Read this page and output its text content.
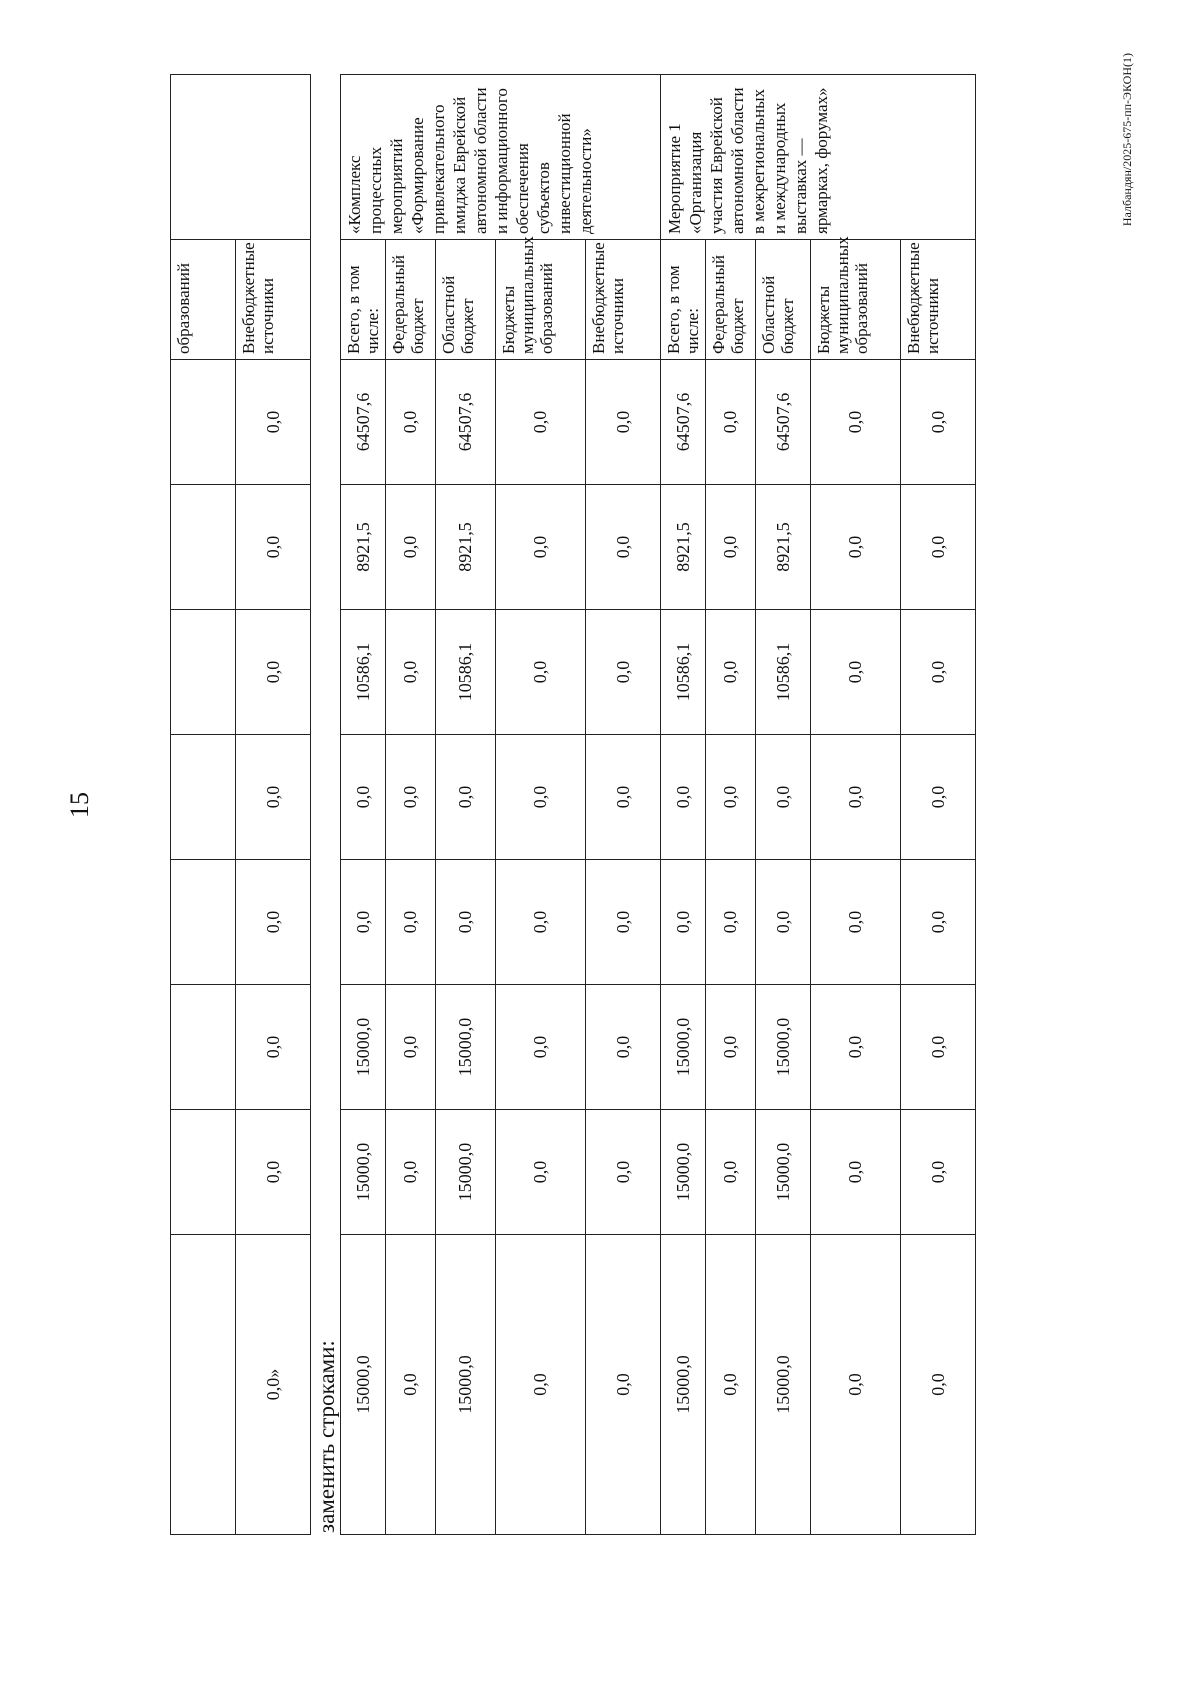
15
								образований	
0,0»	0,0	0,0	0,0	0,0	0,0	0,0	0,0	Внебюджетные источники	
заменить строками: 15000,0	15000,0	15000,0	0,0	0,0	10586,1	8921,5	64507,6	Всего, в том числе:	«Комплекс процессных мероприятий «Формирование привлекательного имиджа Еврейской автономной области и информационного обеспечения субъектов инвестиционной деятельности»
0,0	0,0	0,0	0,0	0,0	0,0	0,0	0,0	Федеральный бюджет	
15000,0	15000,0	15000,0	0,0	0,0	10586,1	8921,5	64507,6	Областной бюджет	
0,0	0,0	0,0	0,0	0,0	0,0	0,0	0,0	Бюджеты муниципальных образований	
0,0	0,0	0,0	0,0	0,0	0,0	0,0	0,0	Внебюджетные источники	
15000,0	15000,0	15000,0	0,0	0,0	10586,1	8921,5	64507,6	Всего, в том числе:	Мероприятие 1 «Организация участия Еврейской автономной области в межрегиональных и международных выставках — ярмарках, форумах»
0,0	0,0	0,0	0,0	0,0	0,0	0,0	0,0	Федеральный бюджет	
15000,0	15000,0	15000,0	0,0	0,0	10586,1	8921,5	64507,6	Областной бюджет	
0,0	0,0	0,0	0,0	0,0	0,0	0,0	0,0	Бюджеты муниципальных образований	
0,0	0,0	0,0	0,0	0,0	0,0	0,0	0,0	Внебюджетные источники	
Налбандян/2025-675-пп-ЭКОН(1)
